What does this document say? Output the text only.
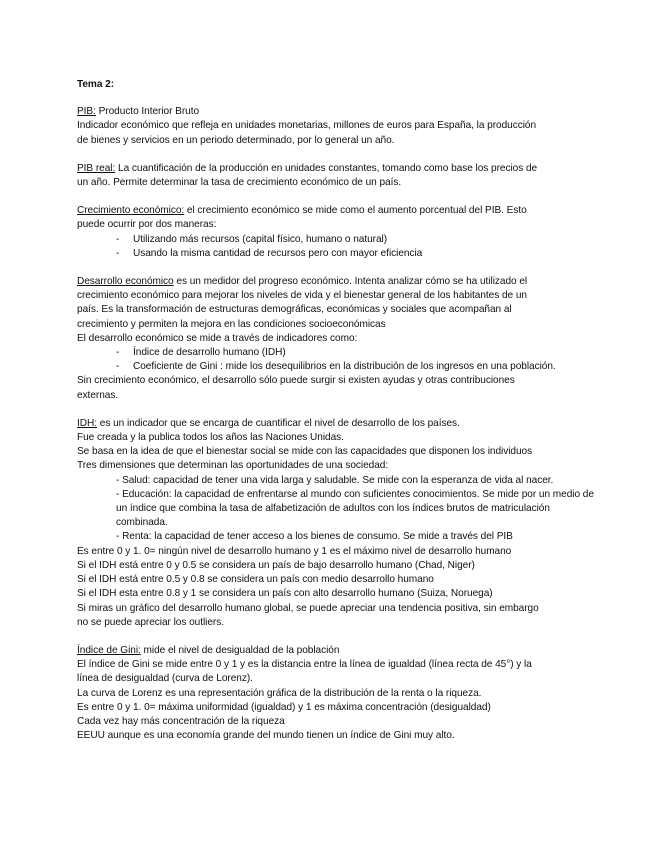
Tema 2:
PIB: Producto Interior Bruto
Indicador económico que refleja en unidades monetarias, millones de euros para España, la producción
de bienes y servicios en un periodo determinado, por lo general un año.
PIB real: La cuantificación de la producción en unidades constantes, tomando como base los precios de
un año. Permite determinar la tasa de crecimiento económico de un país.
Crecimiento económico: el crecimiento económico se mide como el aumento porcentual del PIB. Esto
puede ocurrir por dos maneras:
-	Utilizando más recursos (capital físico, humano o natural)
-	Usando la misma cantidad de recursos pero con mayor eficiencia
Desarrollo económico es un medidor del progreso económico. Intenta analizar cómo se ha utilizado el
crecimiento económico para mejorar los niveles de vida y el bienestar general de los habitantes de un
país. Es la transformación de estructuras demográficas, económicas y sociales que acompañan al
crecimiento y permiten la mejora en las condiciones socioeconómicas
El desarrollo económico se mide a través de indicadores como:
-	Índice de desarrollo humano (IDH)
-	Coeficiente de Gini : mide los desequilibrios en la distribución de los ingresos en una población.
Sin crecimiento económico, el desarrollo sólo puede surgir si existen ayudas y otras contribuciones
externas.
IDH: es un indicador que se encarga de cuantificar el nivel de desarrollo de los países.
Fue creada y la publica todos los años las Naciones Unidas.
Se basa en la idea de que el bienestar social se mide con las capacidades que disponen los individuos
Tres dimensiones que determinan las oportunidades de una sociedad:
- Salud: capacidad de tener una vida larga y saludable. Se mide con la esperanza de vida al nacer.
- Educación: la capacidad de enfrentarse al mundo con suficientes conocimientos. Se mide por un medio de un índice que combina la tasa de alfabetización de adultos con los índices brutos de matriculación combinada.
- Renta: la capacidad de tener acceso a los bienes de consumo. Se mide a través del PIB
Es entre 0 y 1. 0= ningún nivel de desarrollo humano y 1 es el máximo nivel de desarrollo humano
Si el IDH está entre 0 y 0.5 se considera un país de bajo desarrollo humano (Chad, Niger)
Si el IDH está entre 0.5 y 0.8 se considera un país con medio desarrollo humano
Si el IDH esta entre 0.8 y 1 se considera un país con alto desarrollo humano (Suiza, Noruega)
Si miras un gráfico del desarrollo humano global, se puede apreciar una tendencia positiva, sin embargo
no se puede apreciar los outliers.
Índice de Gini: mide el nivel de desigualdad de la población
El índice de Gini se mide entre 0 y 1 y es la distancia entre la línea de igualdad (línea recta de 45°) y la
línea de desigualdad (curva de Lorenz).
La curva de Lorenz es una representación gráfica de la distribución de la renta o la riqueza.
Es entre 0 y 1. 0= máxima uniformidad (igualdad) y 1 es máxima concentración (desigualdad)
Cada vez hay más concentración de la riqueza
EEUU aunque es una economía grande del mundo tienen un índice de Gini muy alto.
